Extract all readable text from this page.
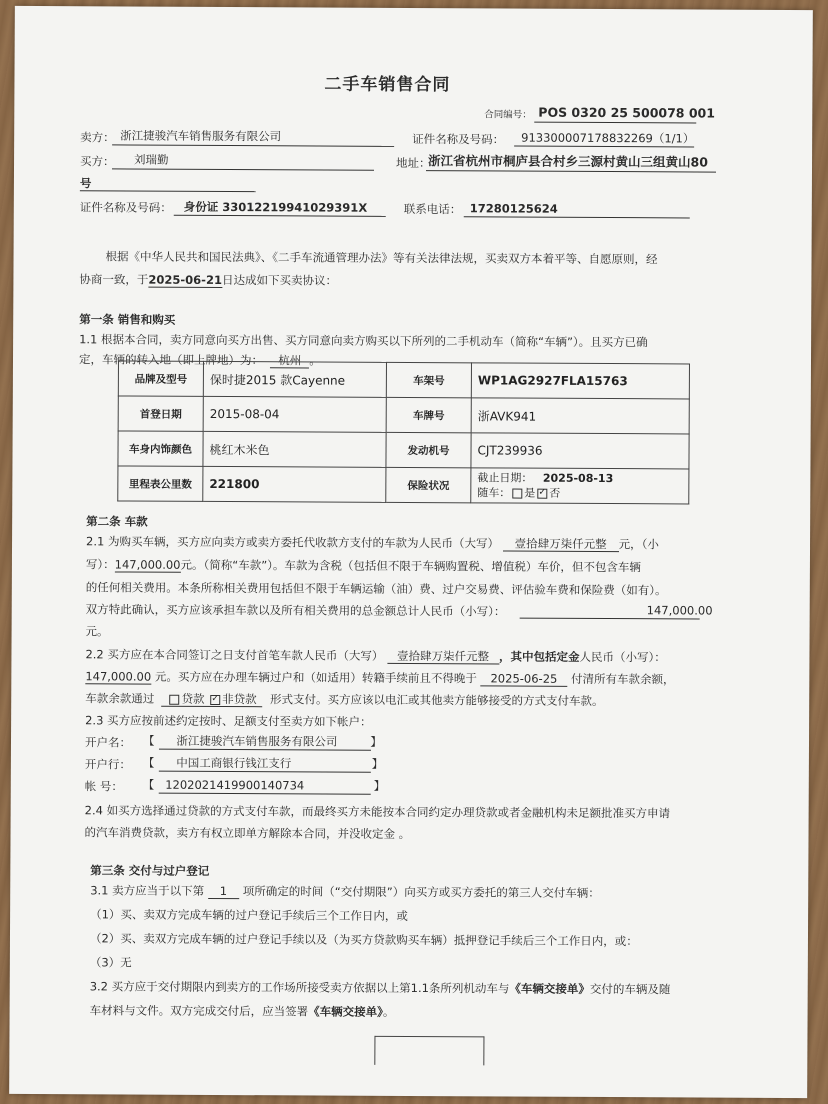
二手车销售合同
合同编号： POS 0320 25 500078 001
卖方： 浙江捷骏汽车销售服务有限公司	证件名称及号码： 913300007178832269（1/1）
买方： 刘瑞勤	地址：
浙江省杭州市桐庐县合村乡三源村黄山三组黄山80
号
证件名称及号码： 身份证 330122199410293​91X	联系电话： 17280125624
根据《中华人民共和国民法典》、《二手车流通管理办法》等有关法律法规，买卖双方本着平等、自愿原则，经
协商一致，于2025-06-21日达成如下买卖协议：
第一条 销售和购买
1.1 根据本合同，卖方同意向买方出售、买方同意向卖方购买以下所列的二手机动车（简称“车辆”）。且买方已确
定，车辆的转入地（即上牌地）为： 杭州 。
品牌及型号	保时捷2015 款Cayenne	车架号	WP1AG2927FLA15763
首登日期	2015-08-04	车牌号	浙AVK941
车身内饰颜色	桃红木米色	发动机号	CJT239936
里程表公里数	221800	保险状况	截止日期： 2025-08-13
随车： 是 ✓ 否
第二条 车款
2.1 为购买车辆，买方应向卖方或卖方委托代收款方支付的车款为人民币（大写） 壹拾肆万柒仟元整 元，（小
写）：147,000.00元。（简称“车款”）。车款为含税（包括但不限于车辆购置税、增值税）车价，但不包含车辆
的任何相关费用。本条所称相关费用包括但不限于车辆运输（油）费、过户交易费、评估验车费和保险费（如有）。
双方特此确认，买方应该承担车款以及所有相关费用的总金额总计人民币（小写）：	147,000.00
元。
2.2 买方应在本合同签订之日支付首笔车款人民币（大写） 壹拾肆万柒仟元整 ，其中包括定金人民币（小写）：
147,000.00 元。买方应在办理车辆过户和（如适用）转籍手续前且不得晚于 2025-06-25 付清所有车款余额，
车款余款通过 贷款 ✓ 非贷款 形式支付。买方应该以电汇或其他卖方能够接受的方式支付车款。
2.3 买方应按前述约定按时、足额支付至卖方如下帐户：
开户名： 【      浙江捷骏汽车销售服务有限公司         】
开户行： 【      中国工商银行钱江支行                      】
帐 号： 【   1202021419900140734                   】
2.4 如买方选择通过贷款的方式支付车款，而最终买方未能按本合同约定办理贷款或者金融机构未足额批准买方申请
的汽车消费贷款，卖方有权立即单方解除本合同，并没收定金 。
第三条 交付与过户登记
3.1 卖方应当于以下第 1 项所确定的时间（“交付期限”）向买方或买方委托的第三人交付车辆：
（1）买、卖双方完成车辆的过户登记手续后三个工作日内，或
（2）买、卖双方完成车辆的过户登记手续以及（为买方贷款购买车辆）抵押登记手续后三个工作日内，或：
（3）无
3.2 买方应于交付期限内到卖方的工作场所接受卖方依据以上第1.1条所列机动车与《车辆交接单》交付的车辆及随
车材料与文件。双方完成交付后，应当签署《车辆交接单》。
